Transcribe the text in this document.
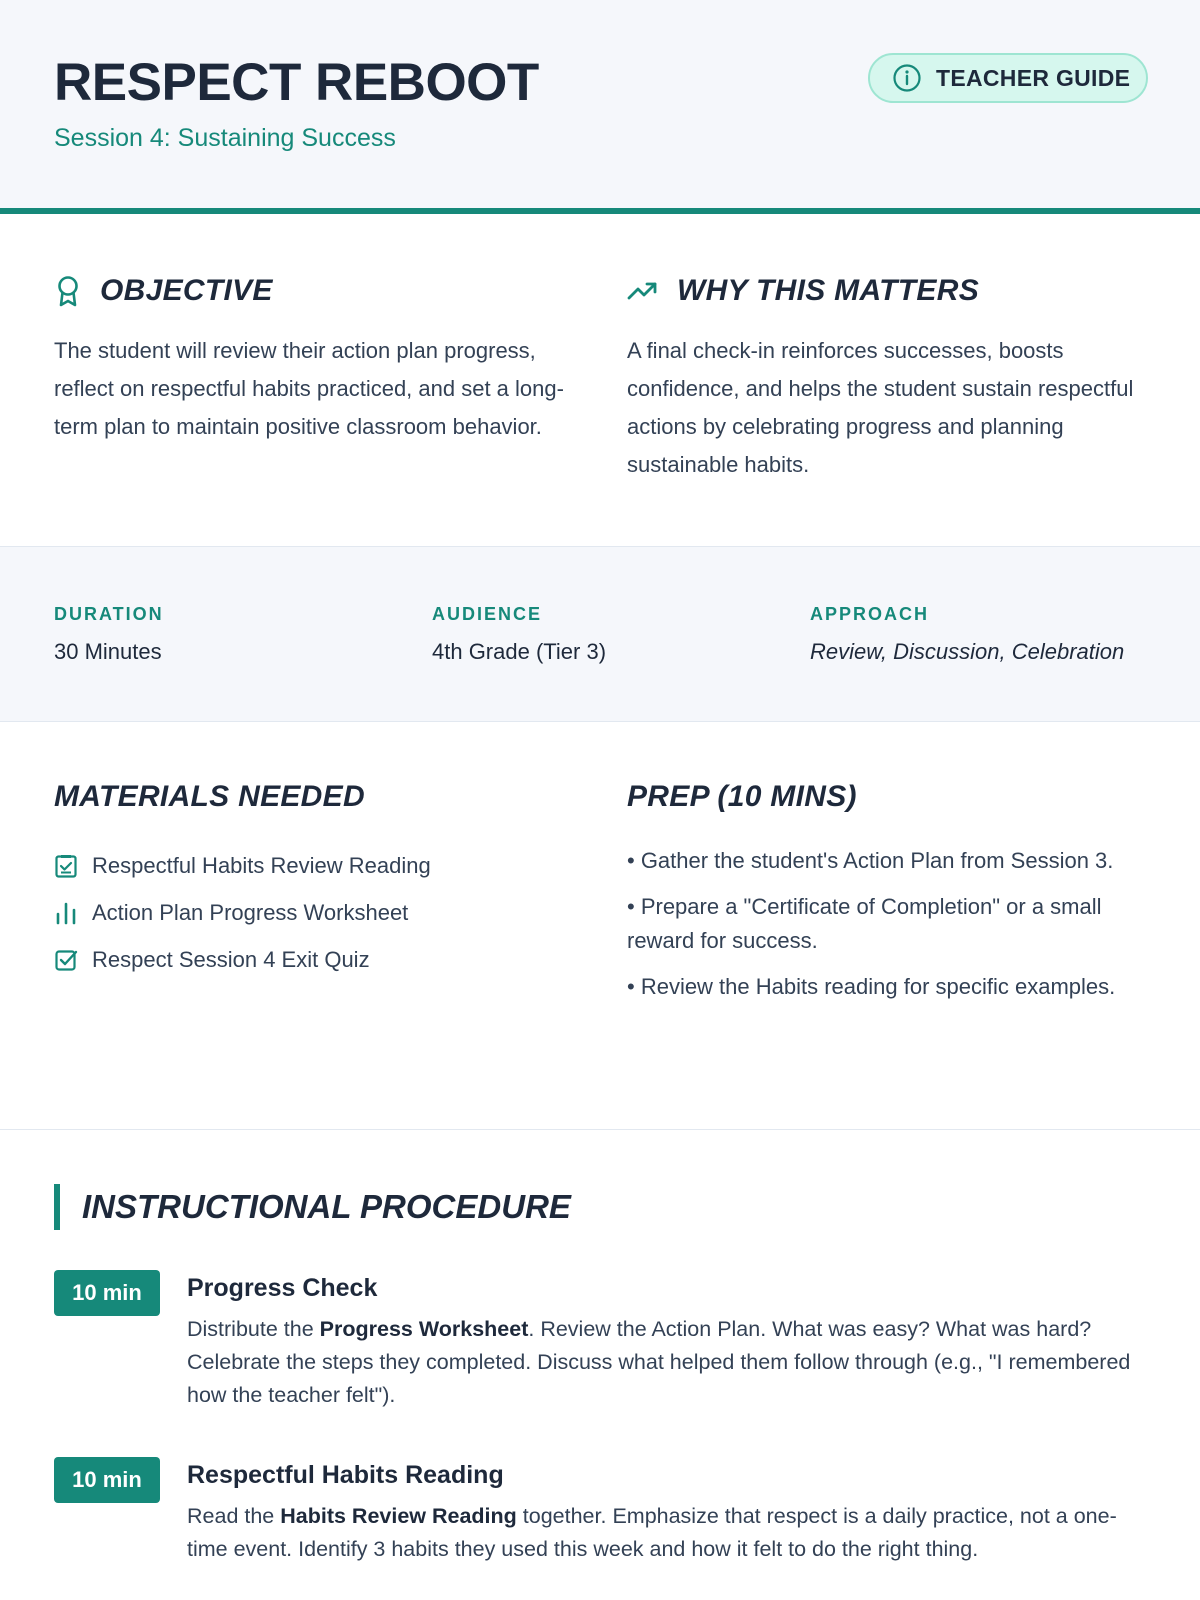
RESPECT REBOOT
Session 4: Sustaining Success
TEACHER GUIDE
OBJECTIVE

The student will review their action plan progress, reflect on respectful habits practiced, and set a long-term plan to maintain positive classroom behavior.

WHY THIS MATTERS

A final check-in reinforces successes, boosts confidence, and helps the student sustain respectful actions by celebrating progress and planning sustainable habits.

DURATION
30 Minutes
AUDIENCE
4th Grade (Tier 3)
APPROACH
Review, Discussion, Celebration
MATERIALS NEEDED
Respectful Habits Review Reading
Action Plan Progress Worksheet
Respect Session 4 Exit Quiz
PREP (10 MINS)

• Gather the student's Action Plan from Session 3.

• Prepare a "Certificate of Completion" or a small reward for success.

• Review the Habits reading for specific examples.

INSTRUCTIONAL PROCEDURE
10 min	Progress Check

Distribute the Progress Worksheet. Review the Action Plan. What was easy? What was hard? Celebrate the steps they completed. Discuss what helped them follow through (e.g., "I remembered how the teacher felt").

10 min	Respectful Habits Reading

Read the Habits Review Reading together. Emphasize that respect is a daily practice, not a one-time event. Identify 3 habits they used this week and how it felt to do the right thing.
